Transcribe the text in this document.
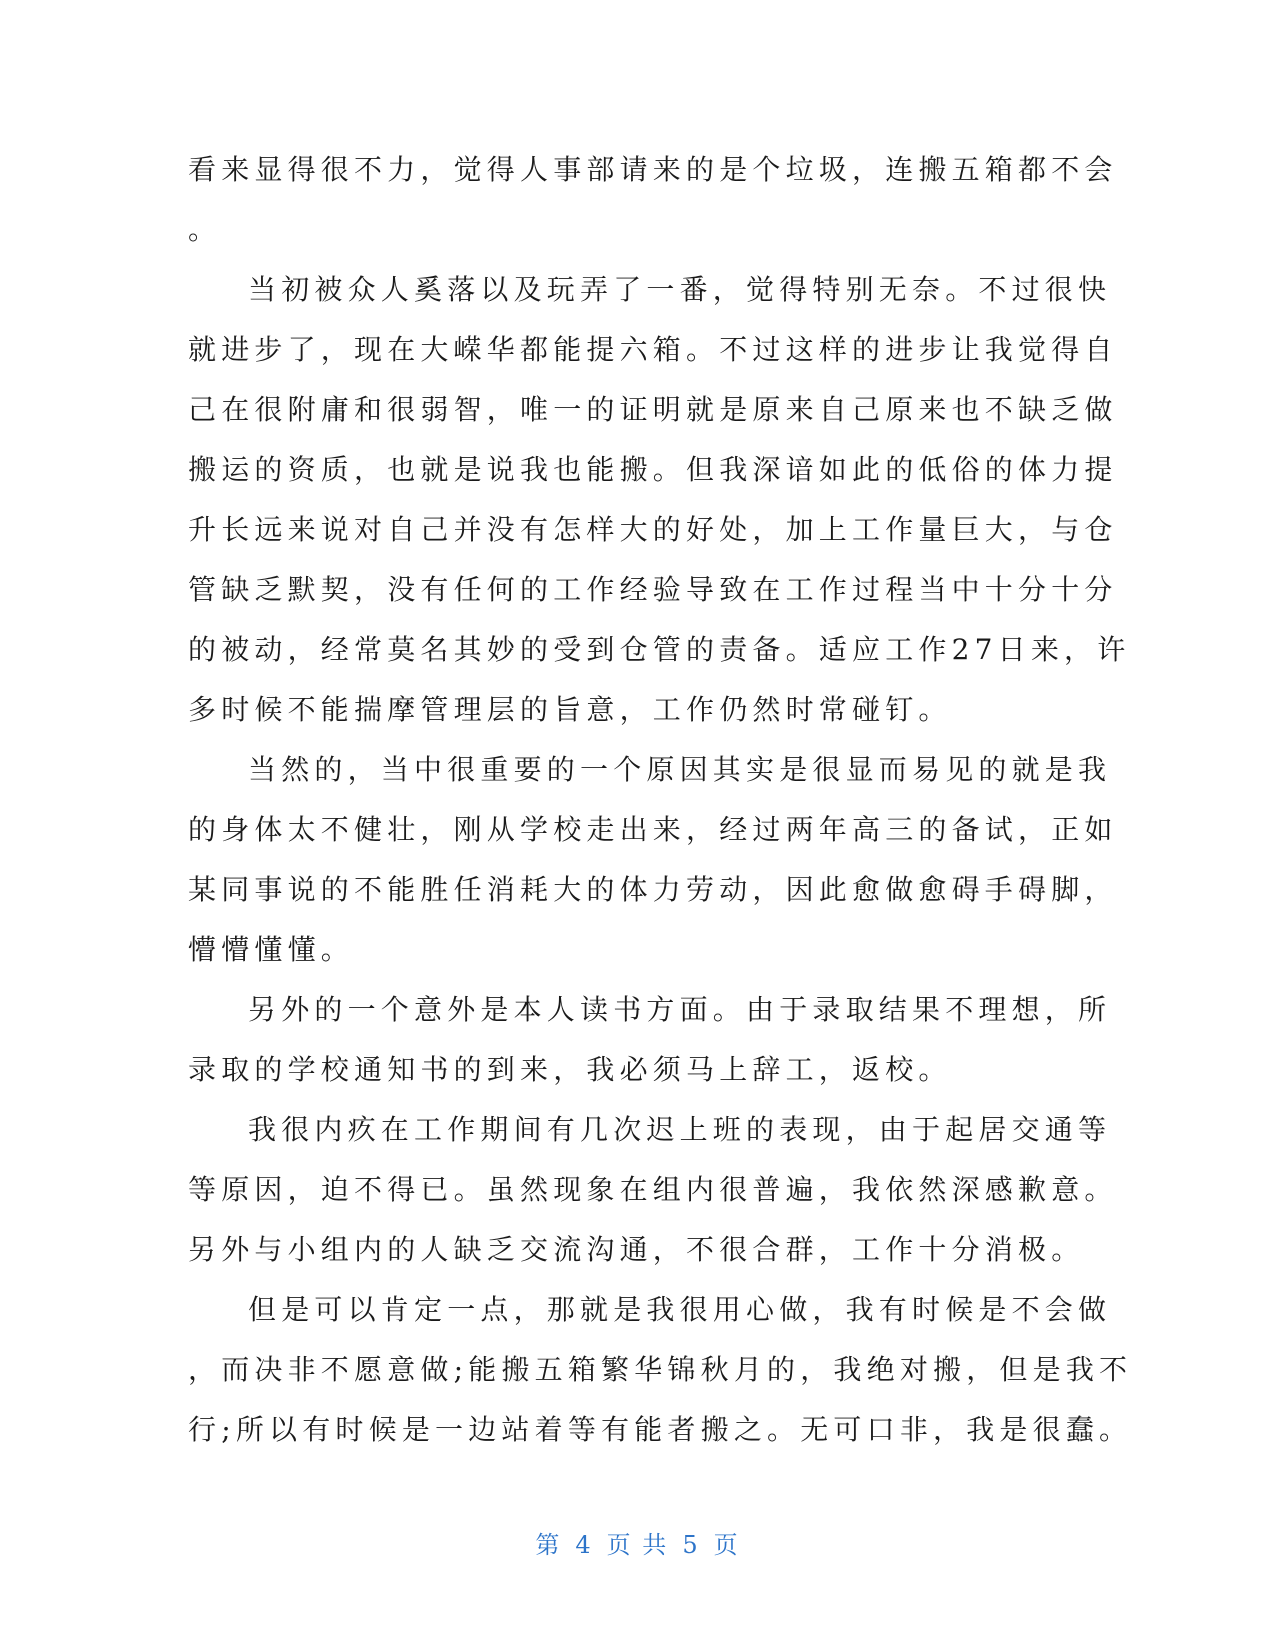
看来显得很不力，觉得人事部请来的是个垃圾，连搬五箱都不会
。
当初被众人奚落以及玩弄了一番，觉得特别无奈。不过很快
就进步了，现在大嵘华都能提六箱。不过这样的进步让我觉得自
己在很附庸和很弱智，唯一的证明就是原来自己原来也不缺乏做
搬运的资质，也就是说我也能搬。但我深谙如此的低俗的体力提
升长远来说对自己并没有怎样大的好处，加上工作量巨大，与仓
管缺乏默契，没有任何的工作经验导致在工作过程当中十分十分
的被动，经常莫名其妙的受到仓管的责备。适应工作27日来，许
多时候不能揣摩管理层的旨意，工作仍然时常碰钉。
当然的，当中很重要的一个原因其实是很显而易见的就是我
的身体太不健壮，刚从学校走出来，经过两年高三的备试，正如
某同事说的不能胜任消耗大的体力劳动，因此愈做愈碍手碍脚，
懵懵懂懂。
另外的一个意外是本人读书方面。由于录取结果不理想，所
录取的学校通知书的到来，我必须马上辞工，返校。
我很内疚在工作期间有几次迟上班的表现，由于起居交通等
等原因，迫不得已。虽然现象在组内很普遍，我依然深感歉意。
另外与小组内的人缺乏交流沟通，不很合群，工作十分消极。
但是可以肯定一点，那就是我很用心做，我有时候是不会做
，而决非不愿意做;能搬五箱繁华锦秋月的，我绝对搬，但是我不
行;所以有时候是一边站着等有能者搬之。无可口非，我是很蠢。
第 4 页 共 5 页
